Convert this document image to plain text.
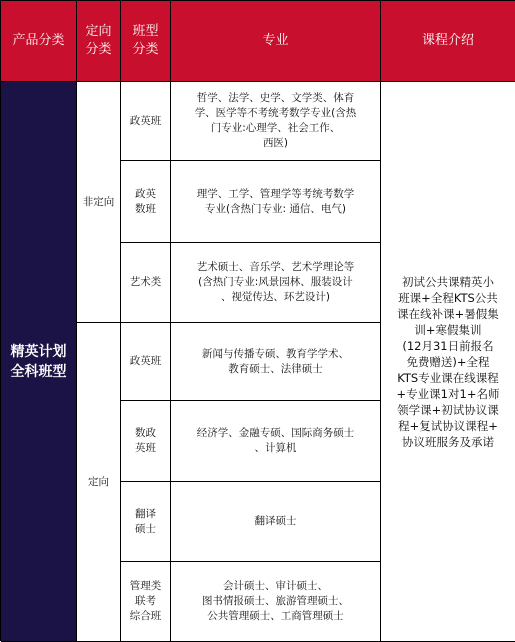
产品分类
定向
分类
班型
分类
专业	课程介绍
精英计划
全科班型
非定向
定向
政英班
哲学、法学、史学、文学类、体育
学、医学等不考统考数学专业(含热
门专业:心理学、社会工作、
西医)
政英
数班
理学、工学、管理学等考统考数学
专业(含热门专业: 通信、电气)
艺术类
艺术硕士、音乐学、艺术学理论等
(含热门专业:风景园林、服装设计
、视觉传达、环艺设计)
政英班
新闻与传播专硕、教育学学术、
教育硕士、法律硕士
数政
英班
经济学、金融专硕、国际商务硕士
、计算机
翻译
硕士
翻译硕士
管理类
联考
综合班
会计硕士、审计硕士、
图书情报硕士、旅游管理硕士、
公共管理硕士、工商管理硕士
初试公共课精英小
班课+全程KTS公共
课在线补课+暑假集
训+寒假集训
(12月31日前报名
免费赠送)+全程
KTS专业课在线课程
+专业课1对1+名师
领学课+初试协议课
程+复试协议课程+
协议班服务及承诺
